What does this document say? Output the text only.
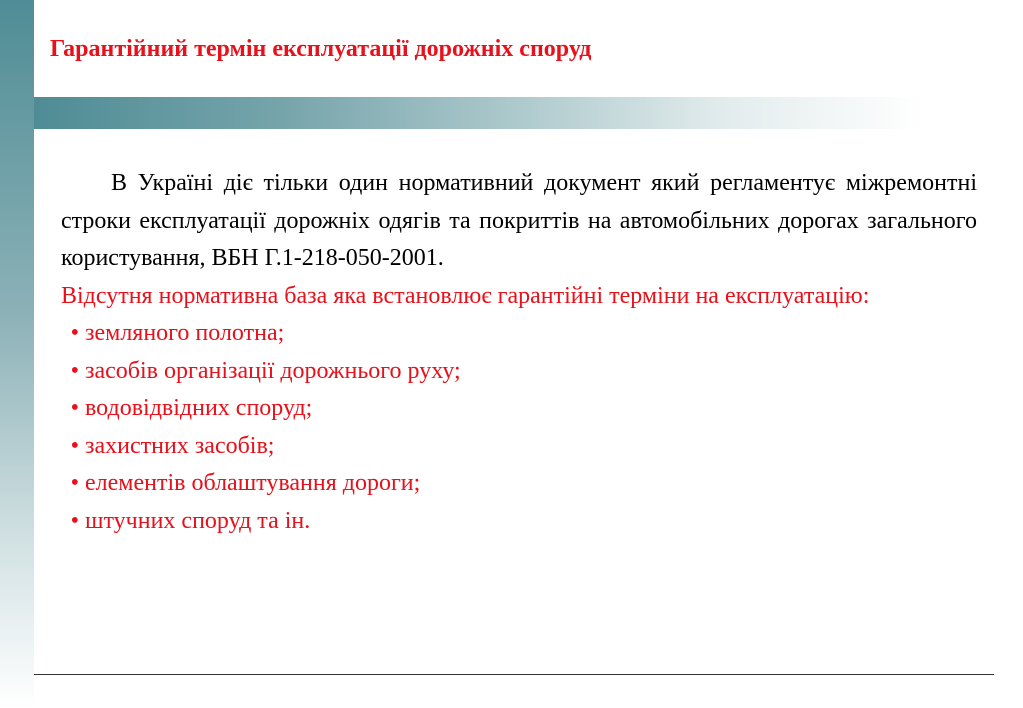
Гарантійний термін експлуатації дорожніх споруд

В Україні діє тільки один нормативний документ який регламентує міжремонтні строки експлуатації дорожніх одягів та покриттів на автомобільних дорогах загального користування, ВБН Г.1-218-050-2001.

Відсутня нормативна база яка встановлює гарантійні терміни на експлуатацію:

• земляного полотна;
• засобів організації дорожнього руху;
• водовідвідних споруд;
• захистних засобів;
• елементів облаштування дороги;
• штучних споруд та ін.
